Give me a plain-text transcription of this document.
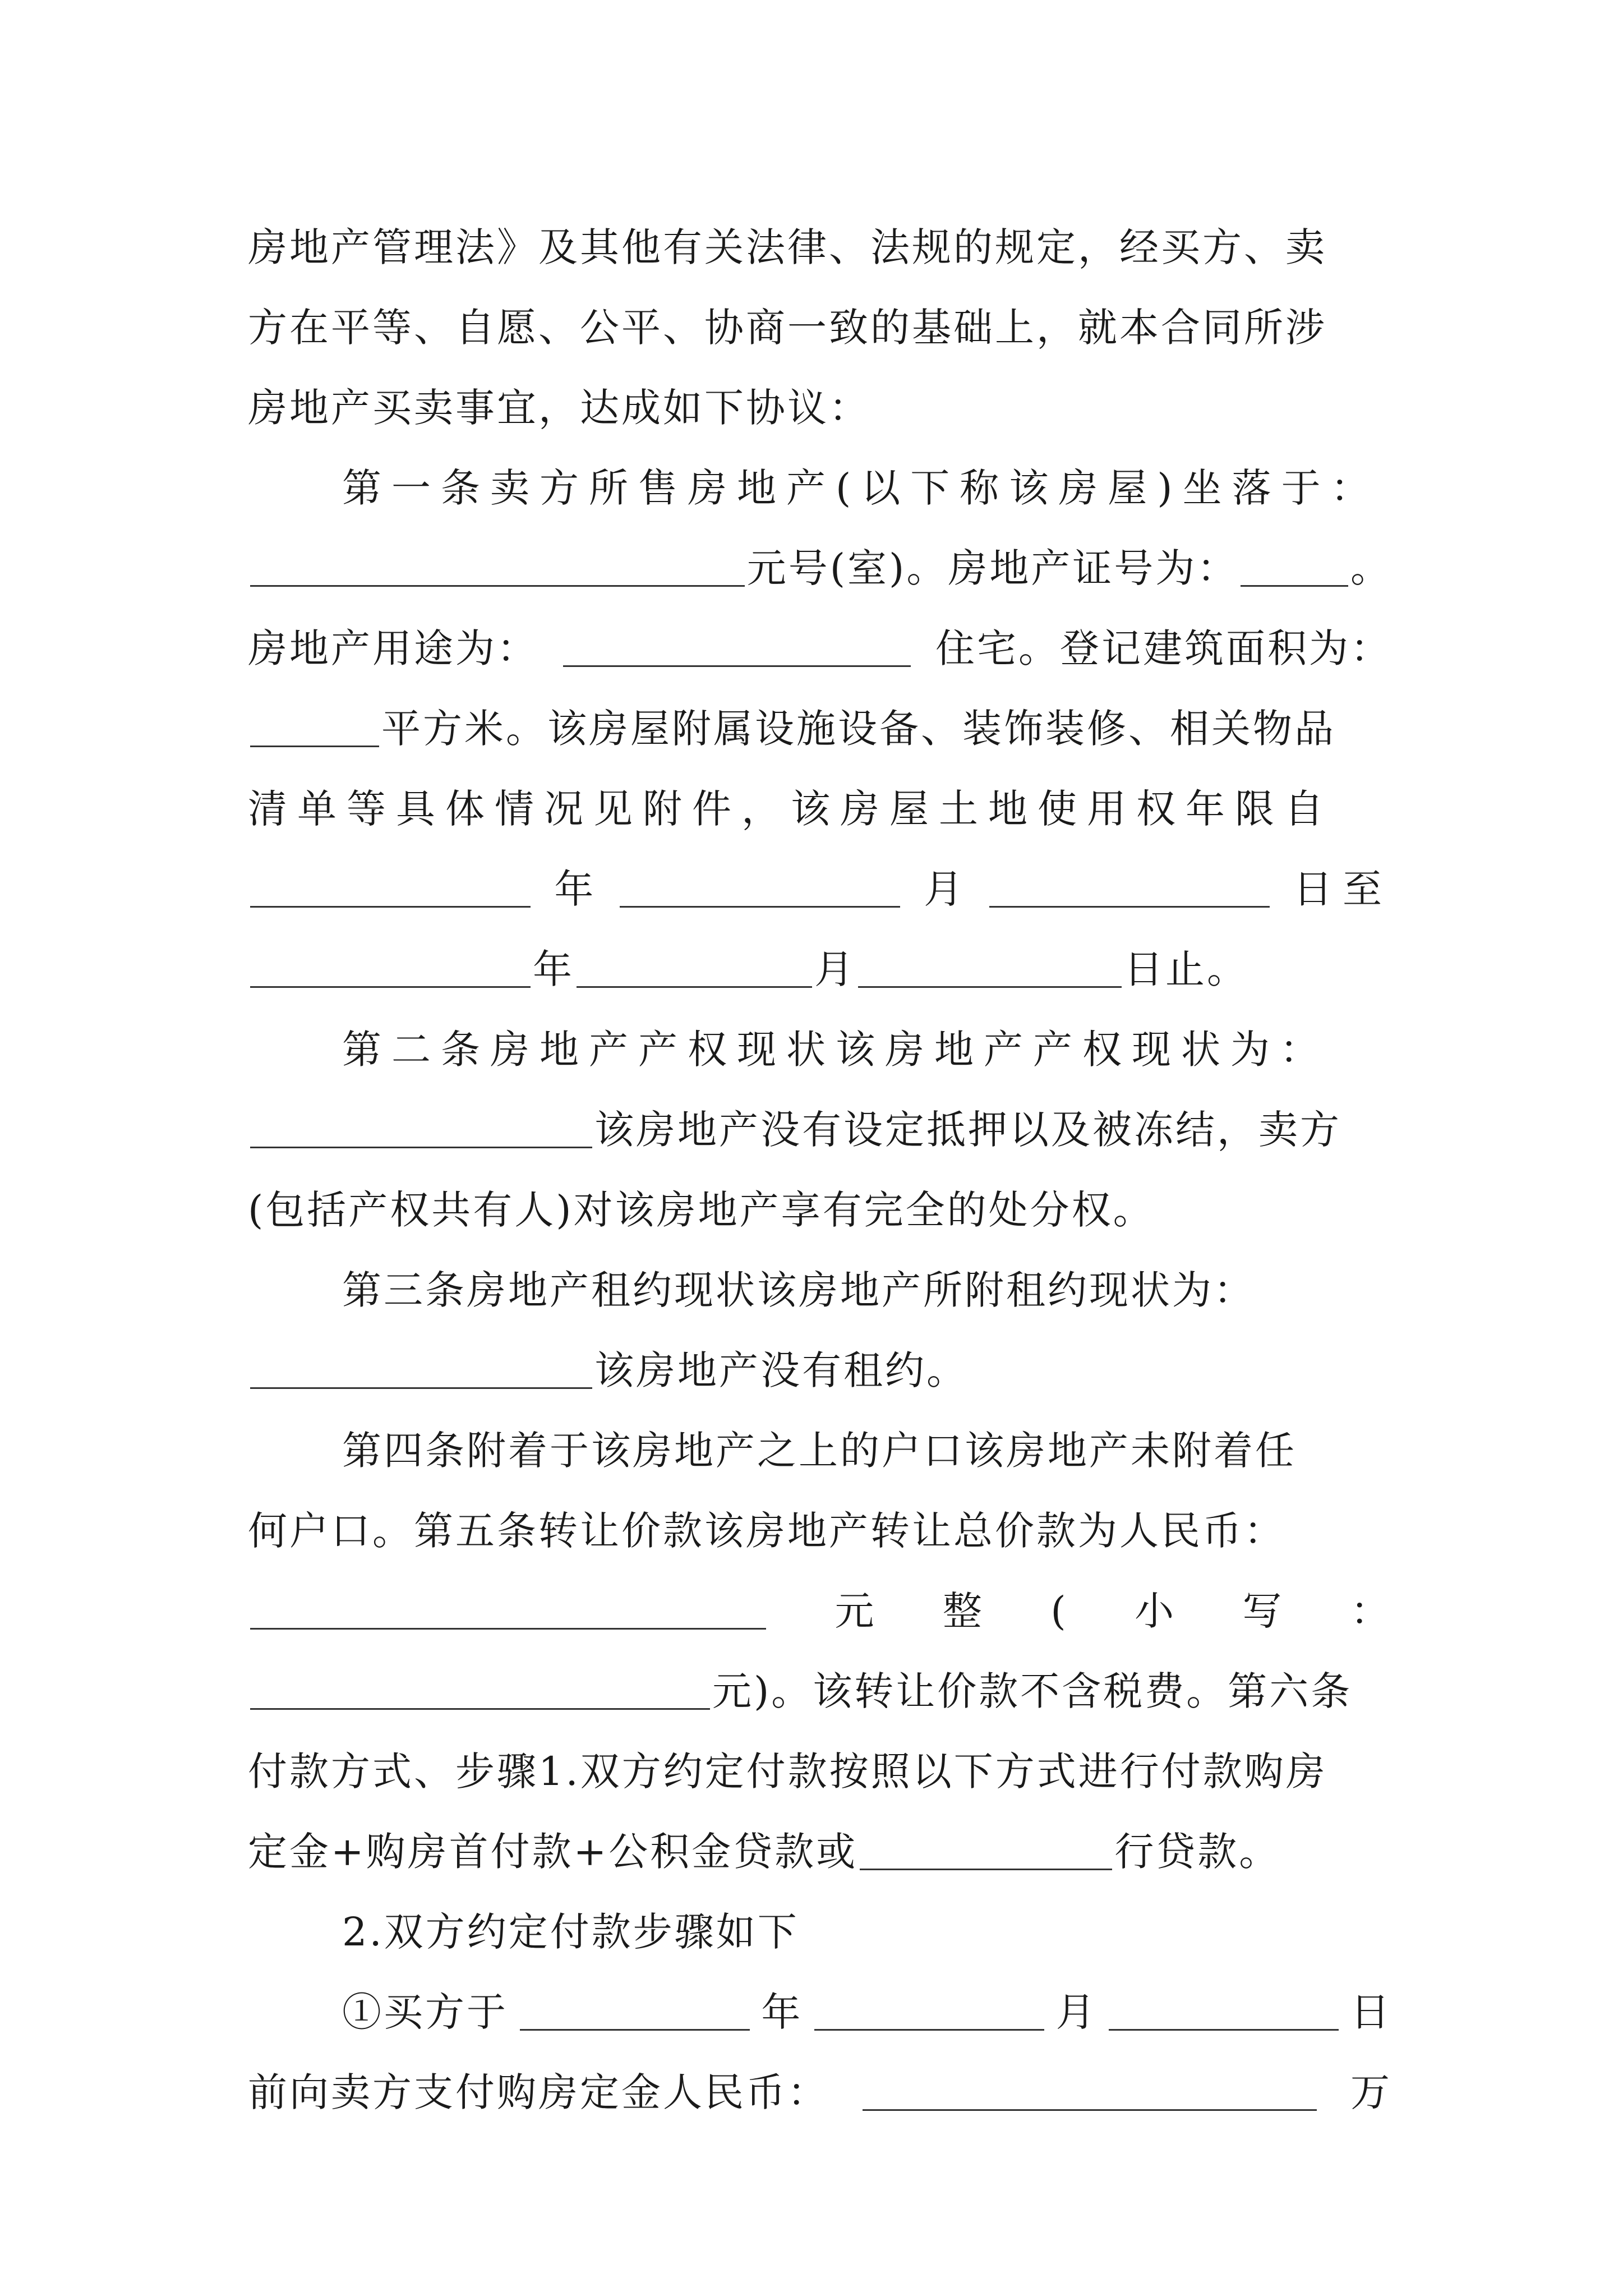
房地产管理法》及其他有关法律、法规的规定，经买方、卖
方在平等、自愿、公平、协商一致的基础上，就本合同所涉
房地产买卖事宜，达成如下协议：
第一条卖方所售房地产(以下称该房屋)坐落于：
元号(室)。房地产证号为：	。
房地产用途为：	住宅。登记建筑面积为：
平方米。该房屋附属设施设备、装饰装修、相关物品
清单等具体情况见附件，该房屋土地使用权年限自
年	月	日至
年	月	日止。
第二条房地产产权现状该房地产产权现状为：
该房地产没有设定抵押以及被冻结，卖方
(包括产权共有人)对该房地产享有完全的处分权。
第三条房地产租约现状该房地产所附租约现状为：
该房地产没有租约。
第四条附着于该房地产之上的户口该房地产未附着任
何户口。第五条转让价款该房地产转让总价款为人民币：
元 整 ( 小 写 ：
元)。该转让价款不含税费。第六条
付款方式、步骤1.双方约定付款按照以下方式进行付款购房
定金+购房首付款+公积金贷款或	行贷款。
2.双方约定付款步骤如下
①买方于	年	月	日
前向卖方支付购房定金人民币：	万
